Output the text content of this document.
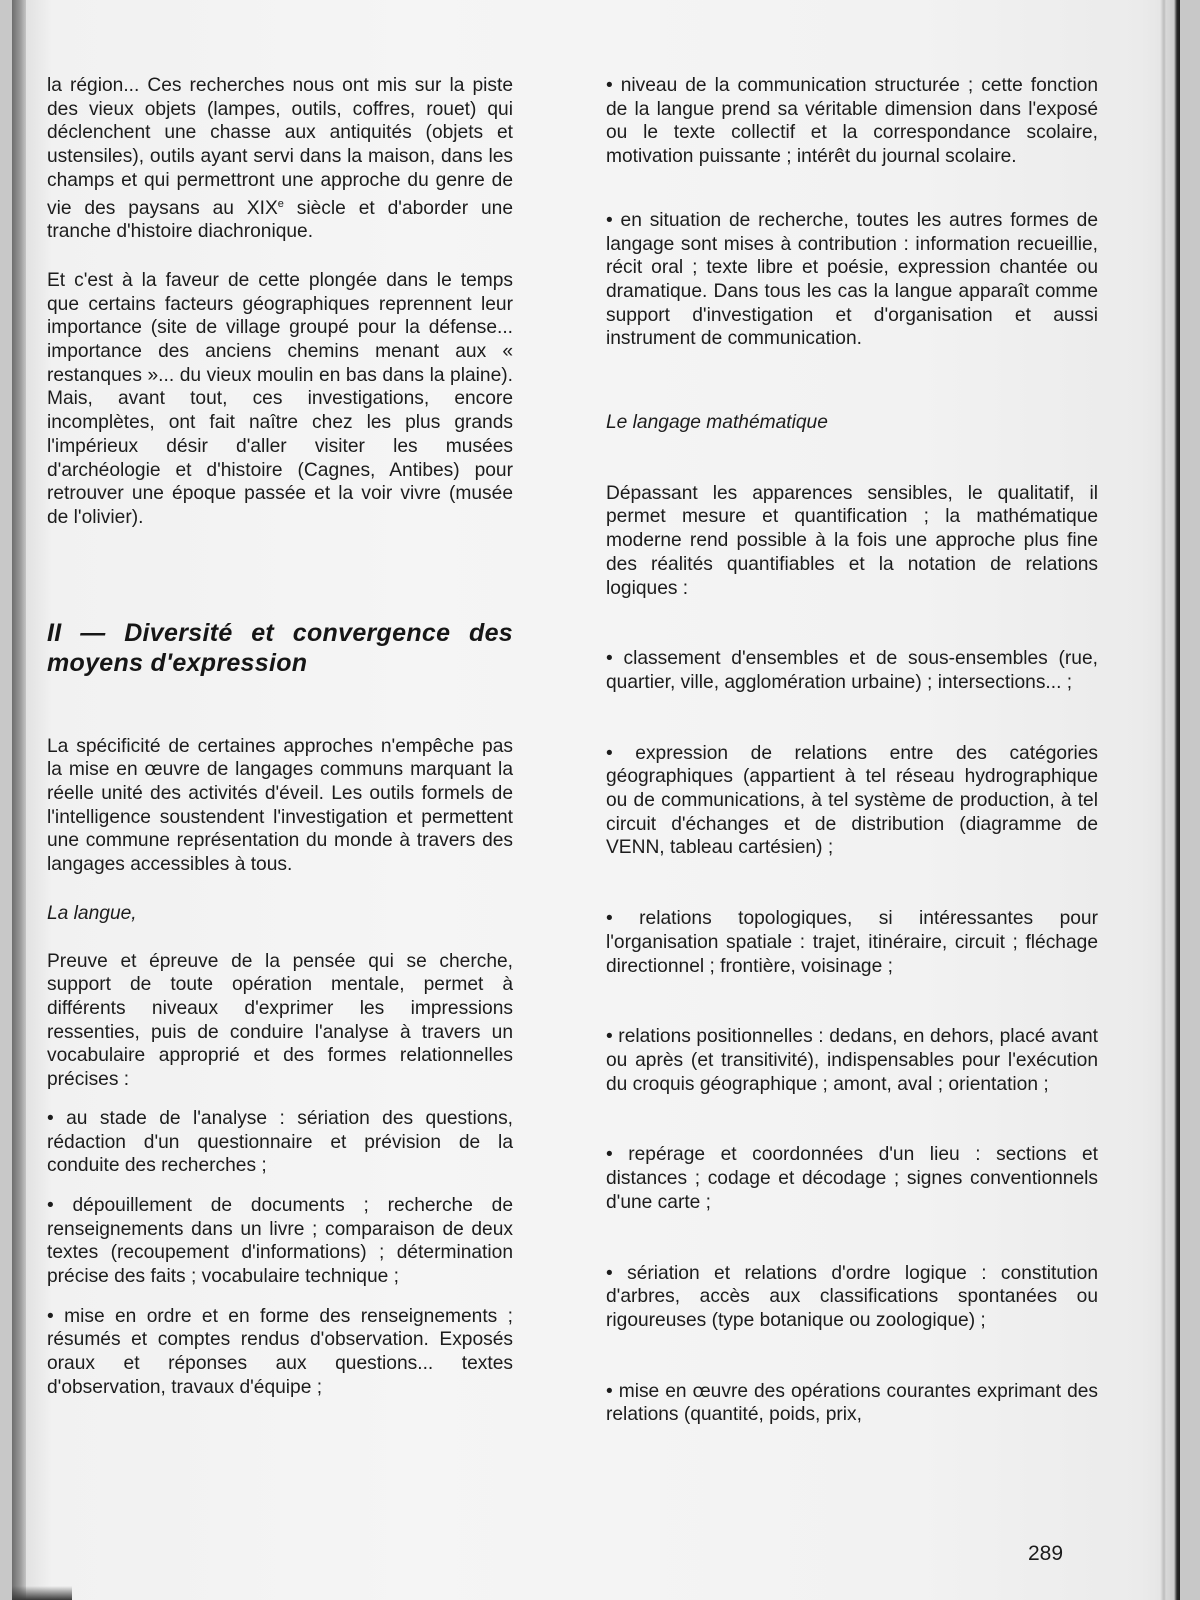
la région... Ces recherches nous ont mis sur la piste des vieux objets (lampes, outils, coffres, rouet) qui déclenchent une chasse aux antiquités (objets et ustensiles), outils ayant servi dans la maison, dans les champs et qui permettront une approche du genre de vie des paysans au XIXe siècle et d'aborder une tranche d'histoire diachronique.

Et c'est à la faveur de cette plongée dans le temps que certains facteurs géographiques reprennent leur importance (site de village groupé pour la défense... importance des anciens chemins menant aux « restanques »... du vieux moulin en bas dans la plaine). Mais, avant tout, ces investigations, encore incomplètes, ont fait naître chez les plus grands l'impérieux désir d'aller visiter les musées d'archéologie et d'histoire (Cagnes, Antibes) pour retrouver une époque passée et la voir vivre (musée de l'olivier).

II — Diversité et convergence des moyens d'expression

La spécificité de certaines approches n'empêche pas la mise en œuvre de langages communs marquant la réelle unité des activités d'éveil. Les outils formels de l'intelligence soustendent l'investigation et permettent une commune représentation du monde à travers des langages accessibles à tous.

La langue,

Preuve et épreuve de la pensée qui se cherche, support de toute opération mentale, permet à différents niveaux d'exprimer les impressions ressenties, puis de conduire l'analyse à travers un vocabulaire approprié et des formes relationnelles précises :

• au stade de l'analyse : sériation des questions, rédaction d'un questionnaire et prévision de la conduite des recherches ;

• dépouillement de documents ; recherche de renseignements dans un livre ; comparaison de deux textes (recoupement d'informations) ; détermination précise des faits ; vocabulaire technique ;

• mise en ordre et en forme des renseignements ; résumés et comptes rendus d'observation. Exposés oraux et réponses aux questions... textes d'observation, travaux d'équipe ;

• niveau de la communication structurée ; cette fonction de la langue prend sa véritable dimension dans l'exposé ou le texte collectif et la correspondance scolaire, motivation puissante ; intérêt du journal scolaire.

• en situation de recherche, toutes les autres formes de langage sont mises à contribution : information recueillie, récit oral ; texte libre et poésie, expression chantée ou dramatique. Dans tous les cas la langue apparaît comme support d'investigation et d'organisation et aussi instrument de communication.

Le langage mathématique

Dépassant les apparences sensibles, le qualitatif, il permet mesure et quantification ; la mathématique moderne rend possible à la fois une approche plus fine des réalités quantifiables et la notation de relations logiques :

• classement d'ensembles et de sous-ensembles (rue, quartier, ville, agglomération urbaine) ; intersections... ;

• expression de relations entre des catégories géographiques (appartient à tel réseau hydrographique ou de communications, à tel système de production, à tel circuit d'échanges et de distribution (diagramme de VENN, tableau cartésien) ;

• relations topologiques, si intéressantes pour l'organisation spatiale : trajet, itinéraire, circuit ; fléchage directionnel ; frontière, voisinage ;

• relations positionnelles : dedans, en dehors, placé avant ou après (et transitivité), indispensables pour l'exécution du croquis géographique ; amont, aval ; orientation ;

• repérage et coordonnées d'un lieu : sections et distances ; codage et décodage ; signes conventionnels d'une carte ;

• sériation et relations d'ordre logique : constitution d'arbres, accès aux classifications spontanées ou rigoureuses (type botanique ou zoologique) ;

• mise en œuvre des opérations courantes exprimant des relations (quantité, poids, prix,

289
